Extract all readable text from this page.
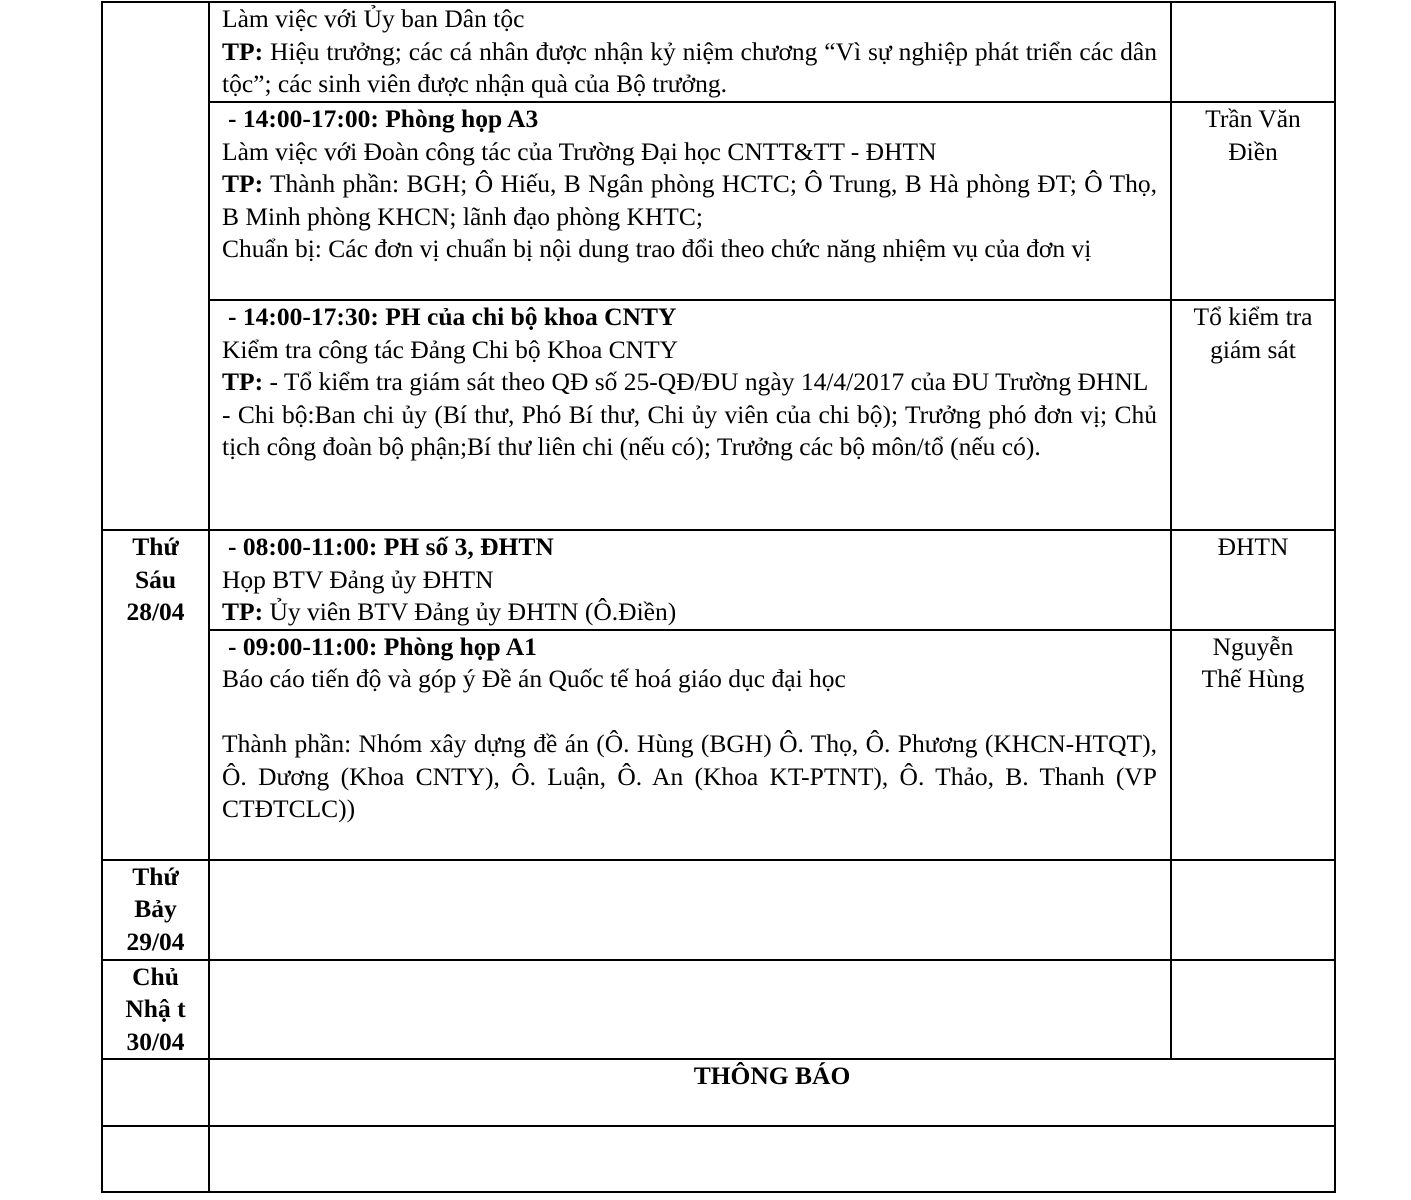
	Làm việc với Ủy ban Dân tộc
TP: Hiệu trưởng; các cá nhân được nhận kỷ niệm chương “Vì sự nghiệp phát triển các dân tộc”; các sinh viên được nhận quà của Bộ trưởng.	

	- 14:00-17:00: Phòng họp A3
Làm việc với Đoàn công tác của Trường Đại học CNTT&TT - ĐHTN
TP: Thành phần: BGH; Ô Hiếu, B Ngân phòng HCTC; Ô Trung, B Hà phòng ĐT; Ô Thọ, B Minh phòng KHCN; lãnh đạo phòng KHTC;
Chuẩn bị: Các đơn vị chuẩn bị nội dung trao đổi theo chức năng nhiệm vụ của đơn vị	Trần Văn
Điền

	- 14:00-17:30: PH của chi bộ khoa CNTY
Kiểm tra công tác Đảng Chi bộ Khoa CNTY
TP: - Tổ kiểm tra giám sát theo QĐ số 25-QĐ/ĐU ngày 14/4/2017 của ĐU Trường ĐHNL
- Chi bộ:Ban chi ủy (Bí thư, Phó Bí thư, Chi ủy viên của chi bộ); Trưởng phó đơn vị; Chủ tịch công đoàn bộ phận;Bí thư liên chi (nếu có); Trưởng các bộ môn/tổ (nếu có).	Tổ kiểm tra
giám sát

Thứ
Sáu
28/04	- 08:00-11:00: PH số 3, ĐHTN
Họp BTV Đảng ủy ĐHTN
TP: Ủy viên BTV Đảng ủy ĐHTN (Ô.Điền)	ĐHTN

	- 09:00-11:00: Phòng họp A1
Báo cáo tiến độ và góp ý Đề án Quốc tế hoá giáo dục đại học
Thành phần: Nhóm xây dựng đề án (Ô. Hùng (BGH) Ô. Thọ, Ô. Phương (KHCN-HTQT), Ô. Dương (Khoa CNTY), Ô. Luận, Ô. An (Khoa KT-PTNT), Ô. Thảo, B. Thanh (VP CTĐTCLC))	Nguyễn
Thế Hùng

Thứ
Bảy
29/04		

Chủ
Nhậ t
30/04		

	THÔNG BÁO	
